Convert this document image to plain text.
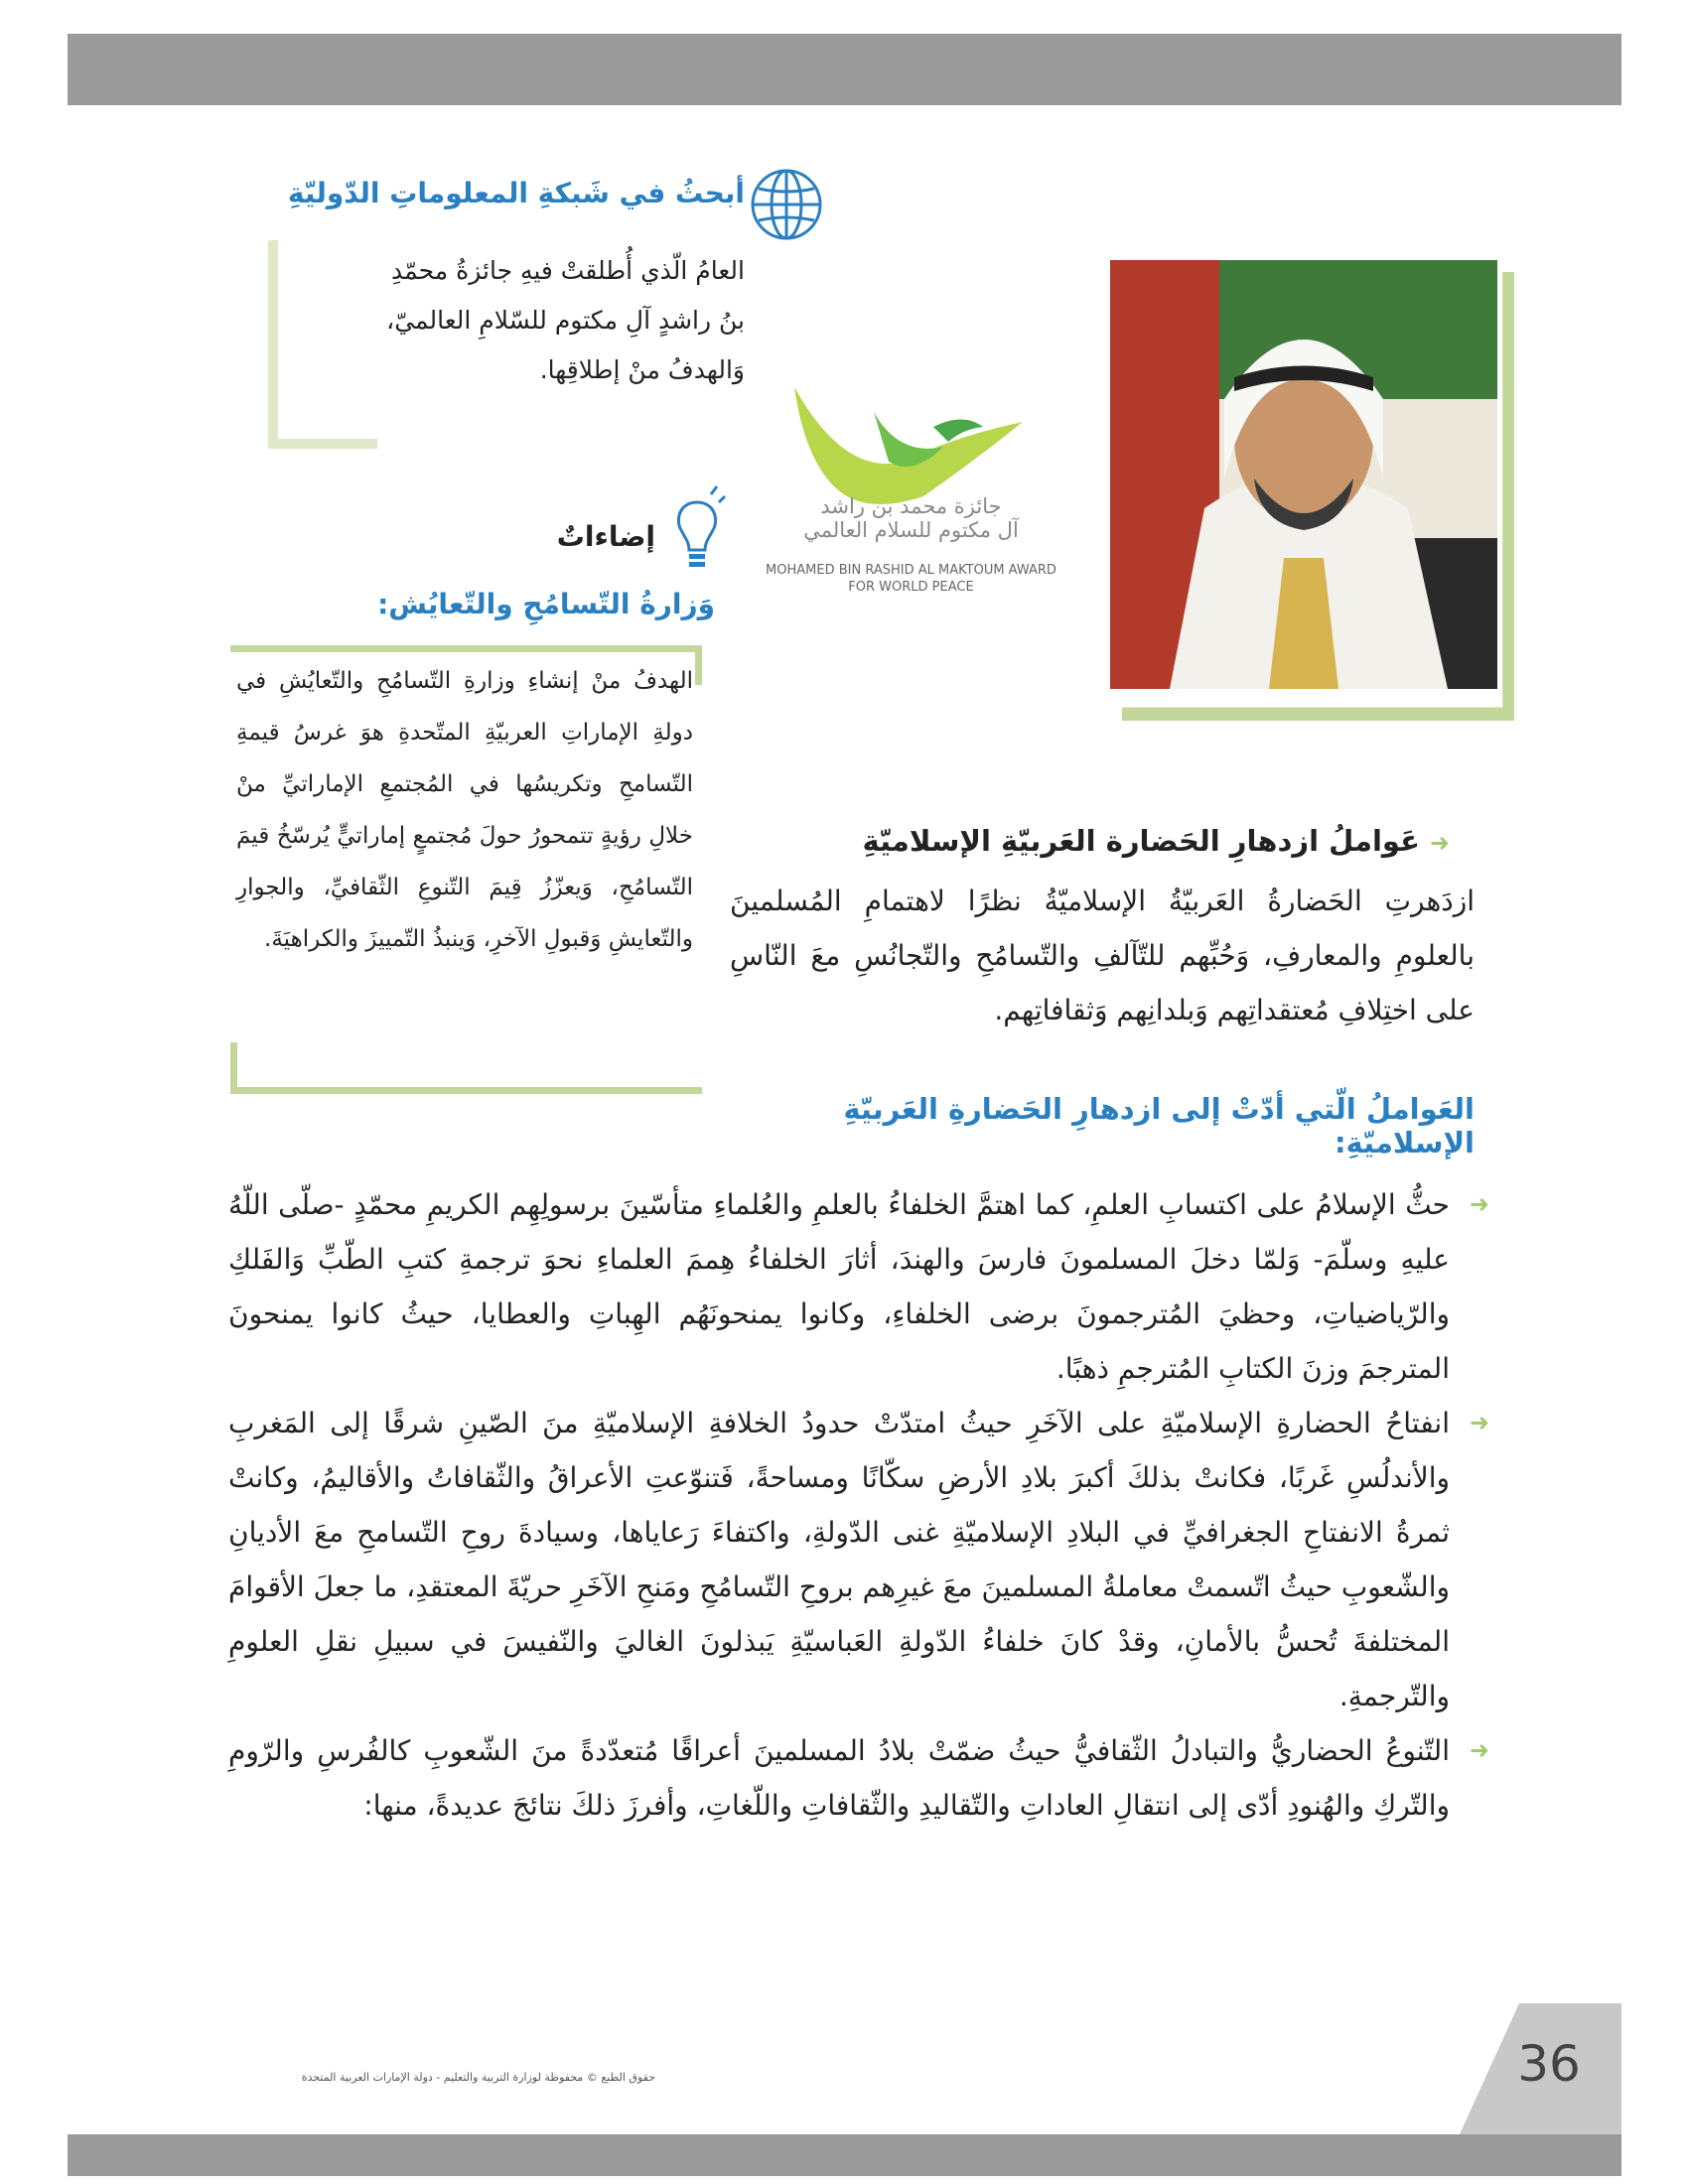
36
حقوق الطبع © محفوظة لوزارة التربية والتعليم - دولة الإمارات العربية المتحدة
أبحثُ في شَبكةِ المعلوماتِ الدّوليّةِ
العامُ الّذي أُطلقتْ فيهِ جائزةُ محمّدِ
بنُ راشدٍ آلِ مكتوم للسّلامِ العالميّ،
وَالهدفُ منْ إطلاقِها.
جائزة محمد بن راشد
آل مكتوم للسلام العالمي
MOHAMED BIN RASHID AL MAKTOUM AWARD
FOR WORLD PEACE
إضاءاتٌ
وَزارةُ التّسامُحِ والتّعايُش:
الهدفُ منْ إنشاءِ وزارةِ التّسامُحِ والتّعايُشِ في دولةِ الإماراتِ العربيّةِ المتّحدةِ هوَ غرسُ قيمةِ التّسامحِ وتكريسُها في المُجتمعِ الإماراتيِّ منْ خلالِ رؤيةٍ تتمحورُ حولَ مُجتمعٍ إماراتيٍّ يُرسّخُ قيمَ التّسامُحِ، وَيعزّزُ قِيمَ التّنوعِ الثّقافيِّ، والجوارِ والتّعايشِ وَقبولِ الآخرِ، وَينبذُ التّمييزَ والكراهيَةَ.
➜عَواملُ ازدهارِ الحَضارة العَربيّةِ الإسلاميّةِ
ازدَهرتِ الحَضارةُ العَربيّةُ الإسلاميّةُ نظرًا لاهتمامِ المُسلمينَ بالعلومِ والمعارفِ، وَحُبِّهم للتّآلفِ والتّسامُحِ والتّجانُسِ معَ النّاسِ على اختِلافِ مُعتقداتِهم وَبلدانِهم وَثقافاتِهم.
العَواملُ الّتي أدّتْ إلى ازدهارِ الحَضارةِ العَربيّةِ الإسلاميّةِ:
➜
حثُّ الإسلامُ على اكتسابِ العلمِ، كما اهتمَّ الخلفاءُ بالعلمِ والعُلماءِ متأسّينَ برسولِهِم الكريمِ محمّدٍ -صلّى اللّهُ عليهِ وسلّمَ- وَلمّا دخلَ المسلمونَ فارسَ والهندَ، أثارَ الخلفاءُ هِممَ العلماءِ نحوَ ترجمةِ كتبِ الطّبِّ وَالفَلكِ والرّياضياتِ، وحظيَ المُترجمونَ برضى الخلفاءِ، وكانوا يمنحونَهُم الهِباتِ والعطايا، حيثُ كانوا يمنحونَ المترجمَ وزنَ الكتابِ المُترجمِ ذهبًا.
➜
انفتاحُ الحضارةِ الإسلاميّةِ على الآخَرِ حيثُ امتدّتْ حدودُ الخلافةِ الإسلاميّةِ منَ الصّينِ شرقًا إلى المَغربِ والأندلُسِ غَربًا، فكانتْ بذلكَ أكبرَ بلادِ الأرضِ سكّانًا ومساحةً، فَتنوّعتِ الأعراقُ والثّقافاتُ والأقاليمُ، وكانتْ ثمرةُ الانفتاحِ الجغرافيِّ في البلادِ الإسلاميّةِ غنى الدّولةِ، واكتفاءَ رَعاياها، وسيادةَ روحِ التّسامحِ معَ الأديانِ والشّعوبِ حيثُ اتّسمتْ معاملةُ المسلمينَ معَ غيرِهم بروحِ التّسامُحِ ومَنحِ الآخَرِ حريّةَ المعتقدِ، ما جعلَ الأقوامَ المختلفةَ تُحسُّ بالأمانِ، وقدْ كانَ خلفاءُ الدّولةِ العَباسيّةِ يَبذلونَ الغاليَ والنّفيسَ في سبيلِ نقلِ العلومِ والتّرجمةِ.
➜
التّنوعُ الحضاريُّ والتبادلُ الثّقافيُّ حيثُ ضمّتْ بلادُ المسلمينَ أعراقًا مُتعدّدةً منَ الشّعوبِ كالفُرسِ والرّومِ والتّركِ والهُنودِ أدّى إلى انتقالِ العاداتِ والتّقاليدِ والثّقافاتِ واللّغاتِ، وأفرزَ ذلكَ نتائجَ عديدةً، منها:
